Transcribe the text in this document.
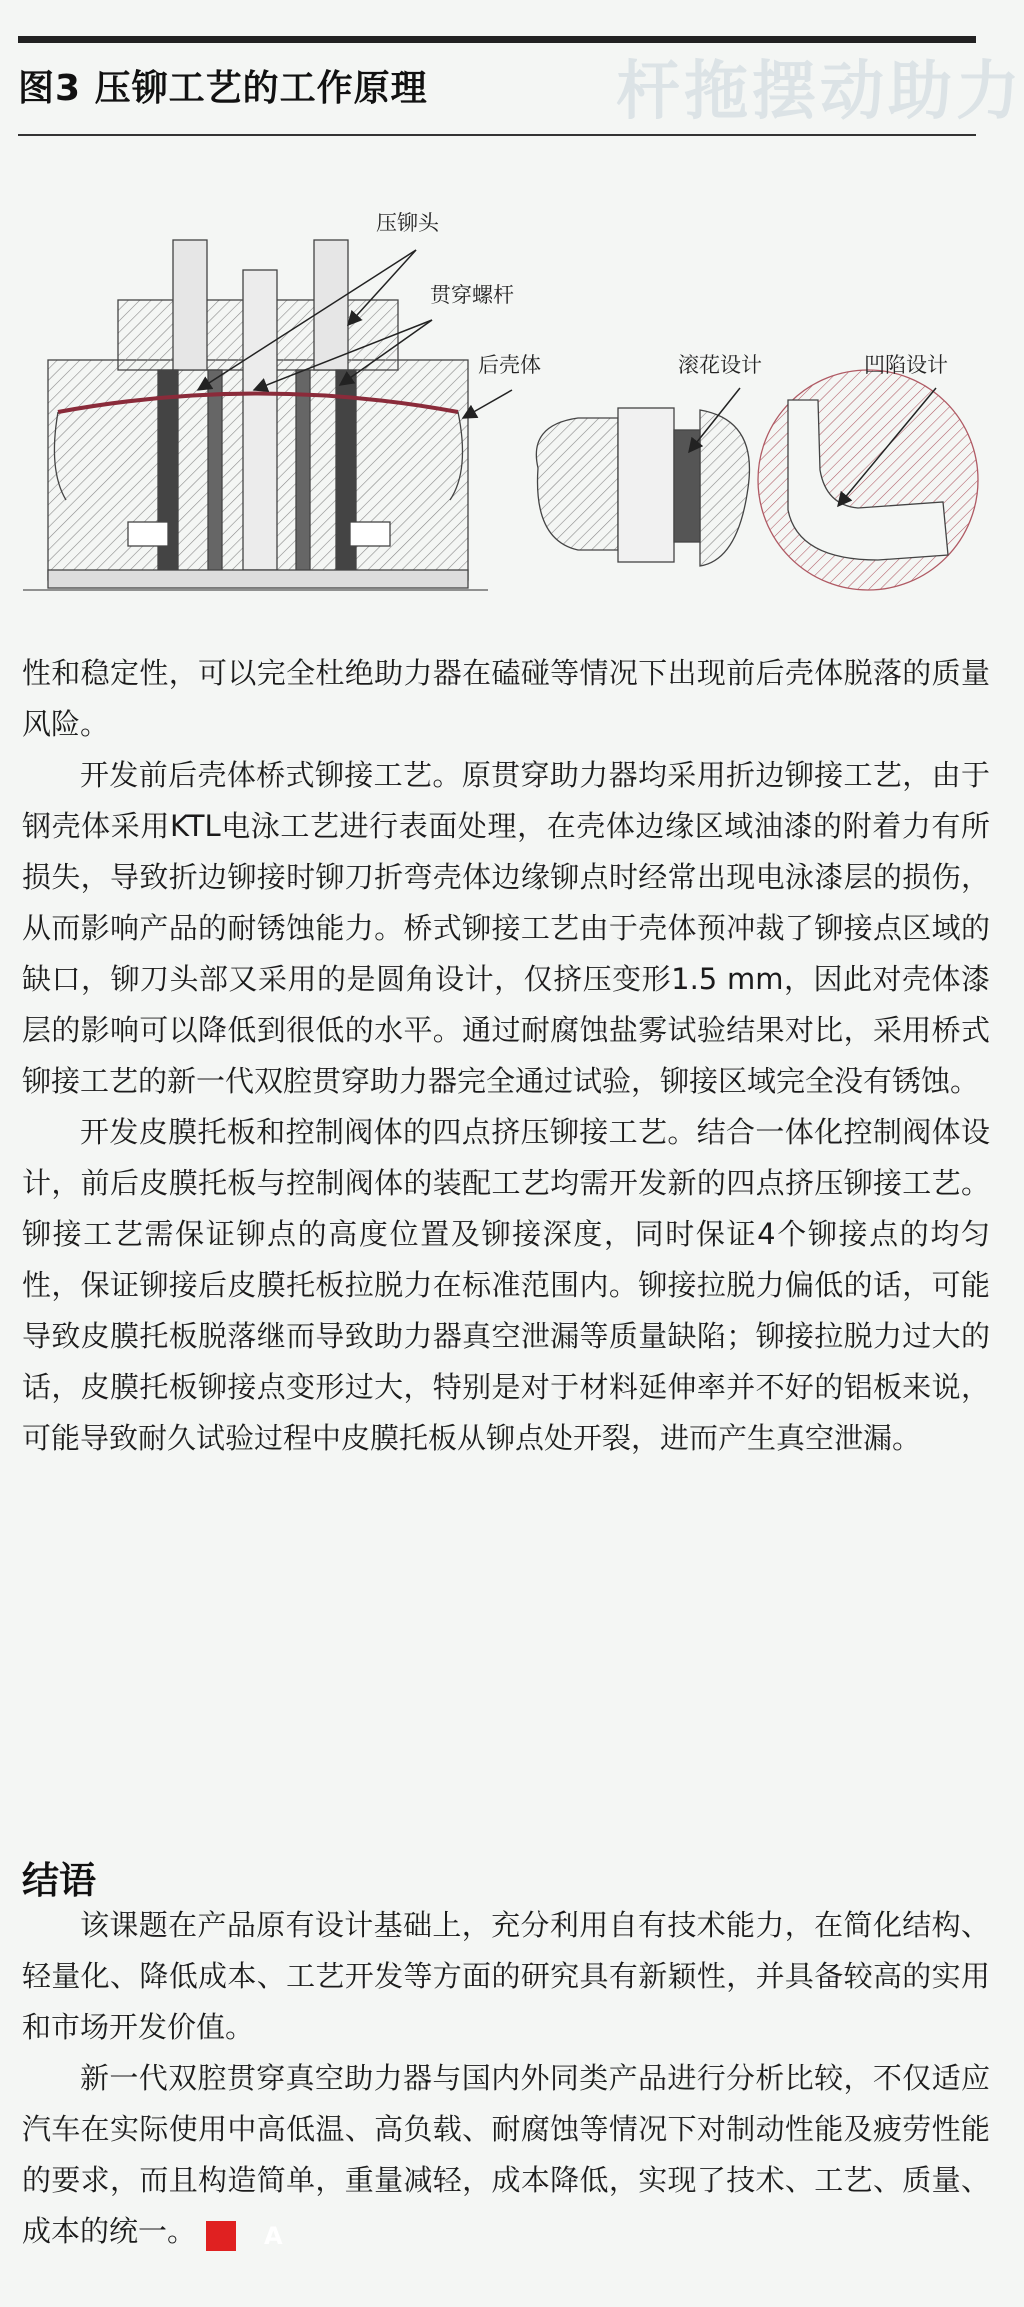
杆拖摆动助力
图3 压铆工艺的工作原理
压铆头
贯穿螺杆
后壳体	滚花设计	凹陷设计

性和稳定性，可以完全杜绝助力器在磕碰等情况下出现前后壳体脱落的质量风险。

开发前后壳体桥式铆接工艺。原贯穿助力器均采用折边铆接工艺，由于钢壳体采用KTL电泳工艺进行表面处理，在壳体边缘区域油漆的附着力有所损失，导致折边铆接时铆刀折弯壳体边缘铆点时经常出现电泳漆层的损伤，从而影响产品的耐锈蚀能力。桥式铆接工艺由于壳体预冲裁了铆接点区域的缺口，铆刀头部又采用的是圆角设计，仅挤压变形1.5 mm，因此对壳体漆层的影响可以降低到很低的水平。通过耐腐蚀盐雾试验结果对比，采用桥式铆接工艺的新一代双腔贯穿助力器完全通过试验，铆接区域完全没有锈蚀。

开发皮膜托板和控制阀体的四点挤压铆接工艺。结合一体化控制阀体设计，前后皮膜托板与控制阀体的装配工艺均需开发新的四点挤压铆接工艺。铆接工艺需保证铆点的高度位置及铆接深度，同时保证4个铆接点的均匀性，保证铆接后皮膜托板拉脱力在标准范围内。铆接拉脱力偏低的话，可能导致皮膜托板脱落继而导致助力器真空泄漏等质量缺陷；铆接拉脱力过大的话，皮膜托板铆接点变形过大，特别是对于材料延伸率并不好的铝板来说，可能导致耐久试验过程中皮膜托板从铆点处开裂，进而产生真空泄漏。

结语

该课题在产品原有设计基础上，充分利用自有技术能力，在简化结构、轻量化、降低成本、工艺开发等方面的研究具有新颖性，并具备较高的实用和市场开发价值。

新一代双腔贯穿真空助力器与国内外同类产品进行分析比较，不仅适应汽车在实际使用中高低温、高负载、耐腐蚀等情况下对制动性能及疲劳性能的要求，而且构造简单，重量减轻，成本降低，实现了技术、工艺、质量、成本的统一。	A
